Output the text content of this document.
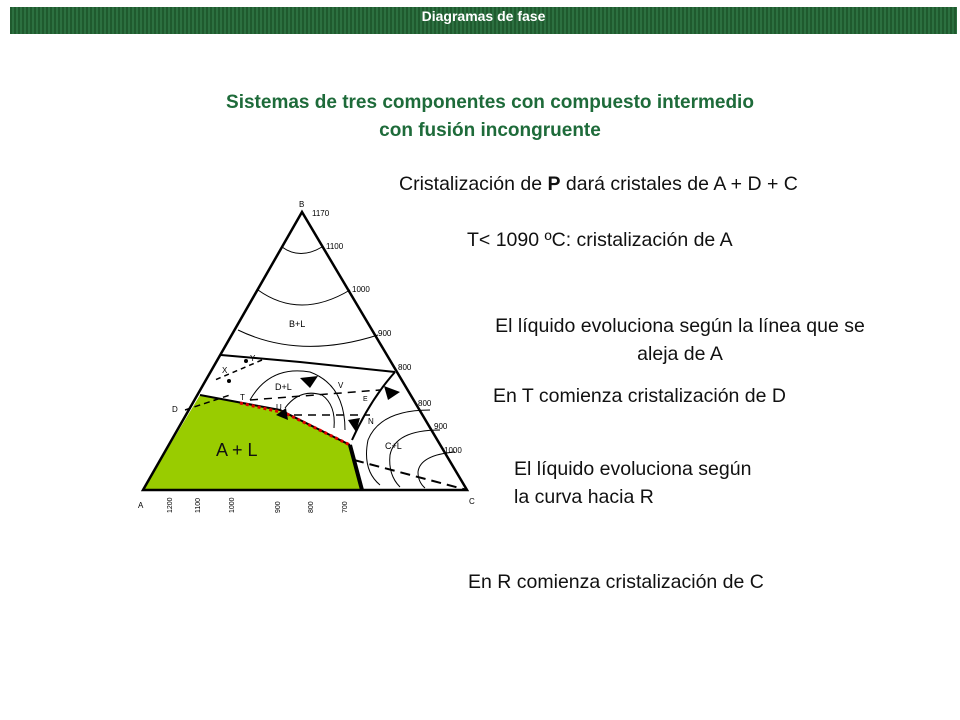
Diagramas de fase
Sistemas de tres componentes con compuesto intermedio
con fusión incongruente
Cristalización de P dará cristales de A + D + C
T< 1090 ºC: cristalización de A
El líquido evoluciona según la línea que se
aleja de A
En T comienza cristalización de D
El líquido evoluciona según
la curva hacia R
En R comienza cristalización de C
B
A	C
D
X
Y
T
U
V
E
N
B+L
D+L
C+L
A + L
1170
1100
1000
900
800
800
900
1000
1200	1100	1000	900	800	700
